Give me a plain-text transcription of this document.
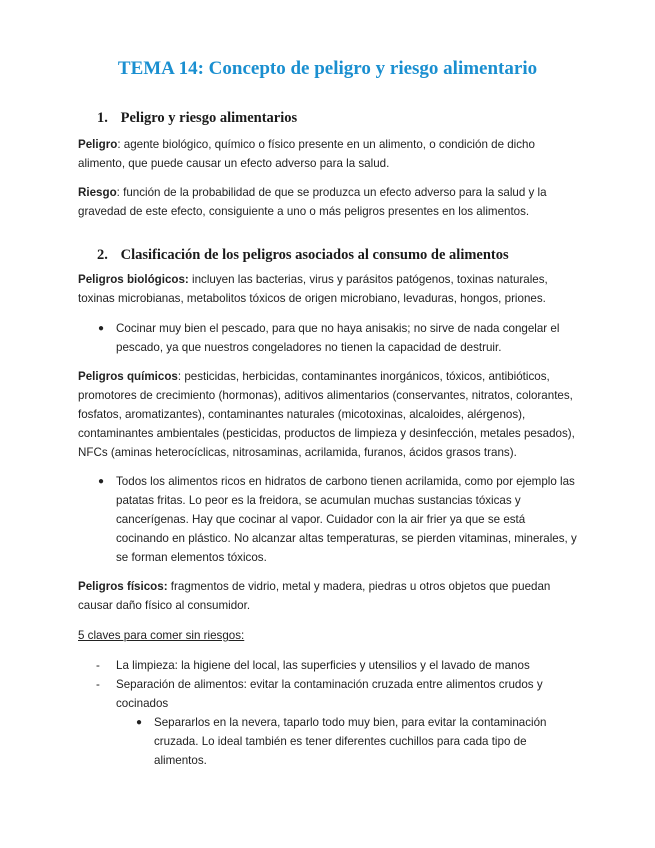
TEMA 14: Concepto de peligro y riesgo alimentario
1. Peligro y riesgo alimentarios

Peligro: agente biológico, químico o físico presente en un alimento, o condición de dicho alimento, que puede causar un efecto adverso para la salud.

Riesgo: función de la probabilidad de que se produzca un efecto adverso para la salud y la gravedad de este efecto, consiguiente a uno o más peligros presentes en los alimentos.

2. Clasificación de los peligros asociados al consumo de alimentos

Peligros biológicos: incluyen las bacterias, virus y parásitos patógenos, toxinas naturales, toxinas microbianas, metabolitos tóxicos de origen microbiano, levaduras, hongos, priones.

● Cocinar muy bien el pescado, para que no haya anisakis; no sirve de nada congelar el pescado, ya que nuestros congeladores no tienen la capacidad de destruir.

Peligros químicos: pesticidas, herbicidas, contaminantes inorgánicos, tóxicos, antibióticos, promotores de crecimiento (hormonas), aditivos alimentarios (conservantes, nitratos, colorantes, fosfatos, aromatizantes), contaminantes naturales (micotoxinas, alcaloides, alérgenos), contaminantes ambientales (pesticidas, productos de limpieza y desinfección, metales pesados), NFCs (aminas heterocíclicas, nitrosaminas, acrilamida, furanos, ácidos grasos trans).

● Todos los alimentos ricos en hidratos de carbono tienen acrilamida, como por ejemplo las patatas fritas. Lo peor es la freidora, se acumulan muchas sustancias tóxicas y cancerígenas. Hay que cocinar al vapor. Cuidador con la air frier ya que se está cocinando en plástico. No alcanzar altas temperaturas, se pierden vitaminas, minerales, y se forman elementos tóxicos.

Peligros físicos: fragmentos de vidrio, metal y madera, piedras u otros objetos que puedan causar daño físico al consumidor.

5 claves para comer sin riesgos:

- La limpieza: la higiene del local, las superficies y utensilios y el lavado de manos
- Separación de alimentos: evitar la contaminación cruzada entre alimentos crudos y cocinados
● Separarlos en la nevera, taparlo todo muy bien, para evitar la contaminación cruzada. Lo ideal también es tener diferentes cuchillos para cada tipo de alimentos.
